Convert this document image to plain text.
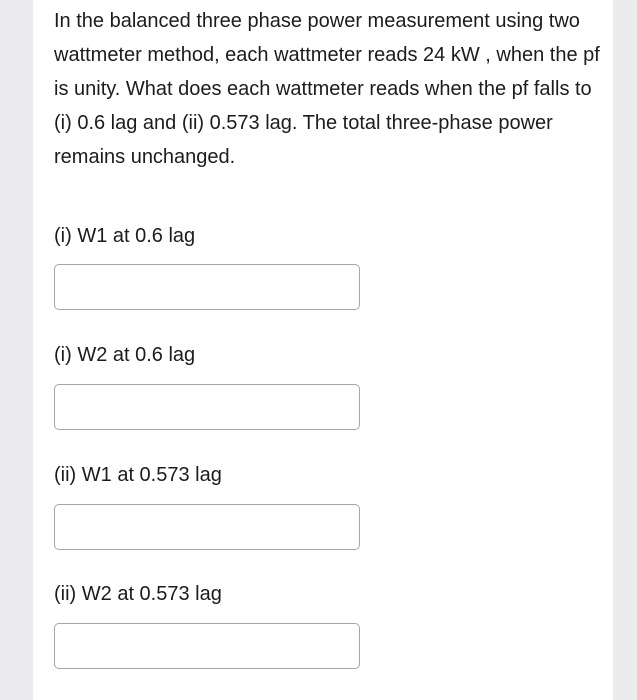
In the balanced three phase power measurement using two wattmeter method, each wattmeter reads 24 kW , when the pf is unity. What does each wattmeter reads when the pf falls to (i) 0.6 lag and (ii) 0.573 lag. The total three-phase power remains unchanged.

(i) W1 at 0.6 lag

(i) W2 at 0.6 lag

(ii) W1 at 0.573 lag

(ii) W2 at 0.573 lag
